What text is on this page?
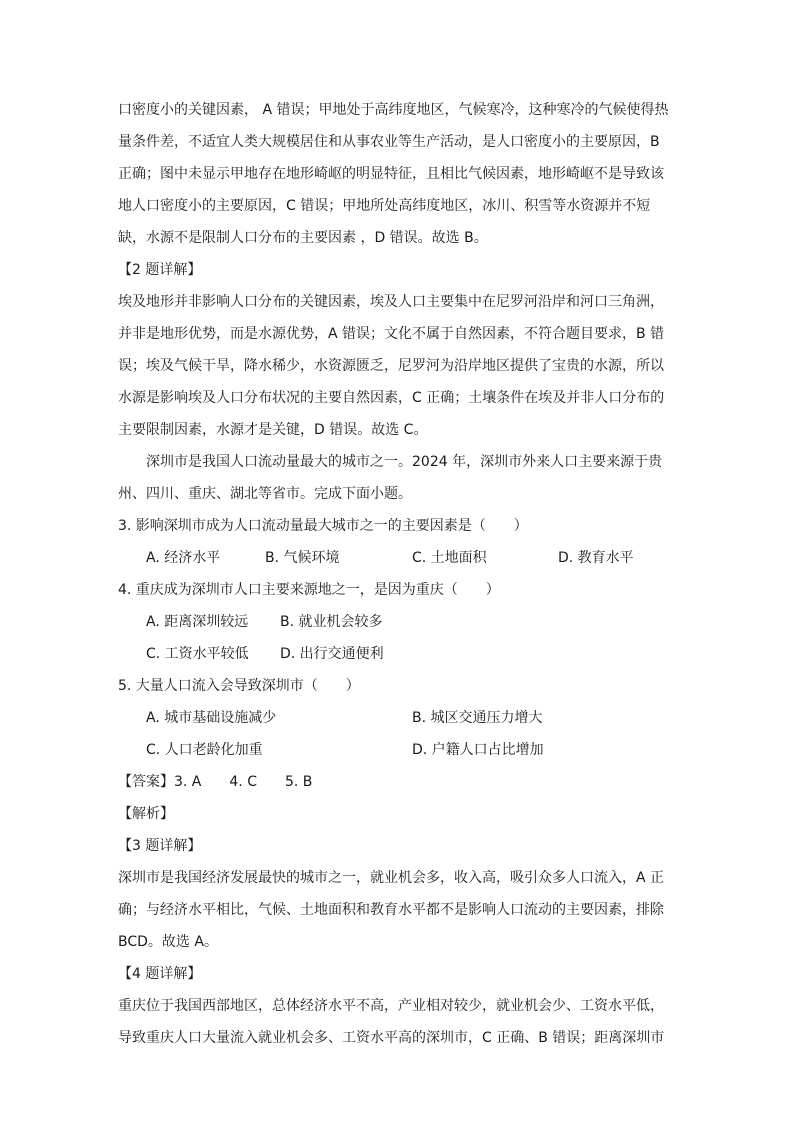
口密度小的关键因素， A 错误；甲地处于高纬度地区，气候寒冷，这种寒冷的气候使得热
量条件差，不适宜人类大规模居住和从事农业等生产活动，是人口密度小的主要原因，B
正确；图中未显示甲地存在地形崎岖的明显特征，且相比气候因素，地形崎岖不是导致该
地人口密度小的主要原因，C 错误；甲地所处高纬度地区，冰川、积雪等水资源并不短
缺，水源不是限制人口分布的主要因素 ，D 错误。故选 B。
【2 题详解】
埃及地形并非影响人口分布的关键因素，埃及人口主要集中在尼罗河沿岸和河口三角洲，
并非是地形优势，而是水源优势，A 错误；文化不属于自然因素，不符合题目要求，B 错
误；埃及气候干旱，降水稀少，水资源匮乏，尼罗河为沿岸地区提供了宝贵的水源，所以
水源是影响埃及人口分布状况的主要自然因素，C 正确；土壤条件在埃及并非人口分布的
主要限制因素，水源才是关键，D 错误。故选 C。
深圳市是我国人口流动量最大的城市之一。2024 年，深圳市外来人口主要来源于贵
州、四川、重庆、湖北等省市。完成下面小题。
3. 影响深圳市成为人口流动量最大城市之一的主要因素是（　　）
A. 经济水平	B. 气候环境	C. 土地面积	D. 教育水平
4. 重庆成为深圳市人口主要来源地之一，是因为重庆（　　）
A. 距离深圳较远 B. 就业机会较多
C. 工资水平较低 D. 出行交通便利
5. 大量人口流入会导致深圳市（　　）
A. 城市基础设施减少	B. 城区交通压力增大
C. 人口老龄化加重	D. 户籍人口占比增加
【答案】3. A   4. C   5. B
【解析】
【3 题详解】
深圳市是我国经济发展最快的城市之一，就业机会多，收入高，吸引众多人口流入，A 正
确；与经济水平相比，气候、土地面积和教育水平都不是影响人口流动的主要因素，排除
BCD。故选 A。
【4 题详解】
重庆位于我国西部地区，总体经济水平不高，产业相对较少，就业机会少、工资水平低，
导致重庆人口大量流入就业机会多、工资水平高的深圳市，C 正确、B 错误；距离深圳市
